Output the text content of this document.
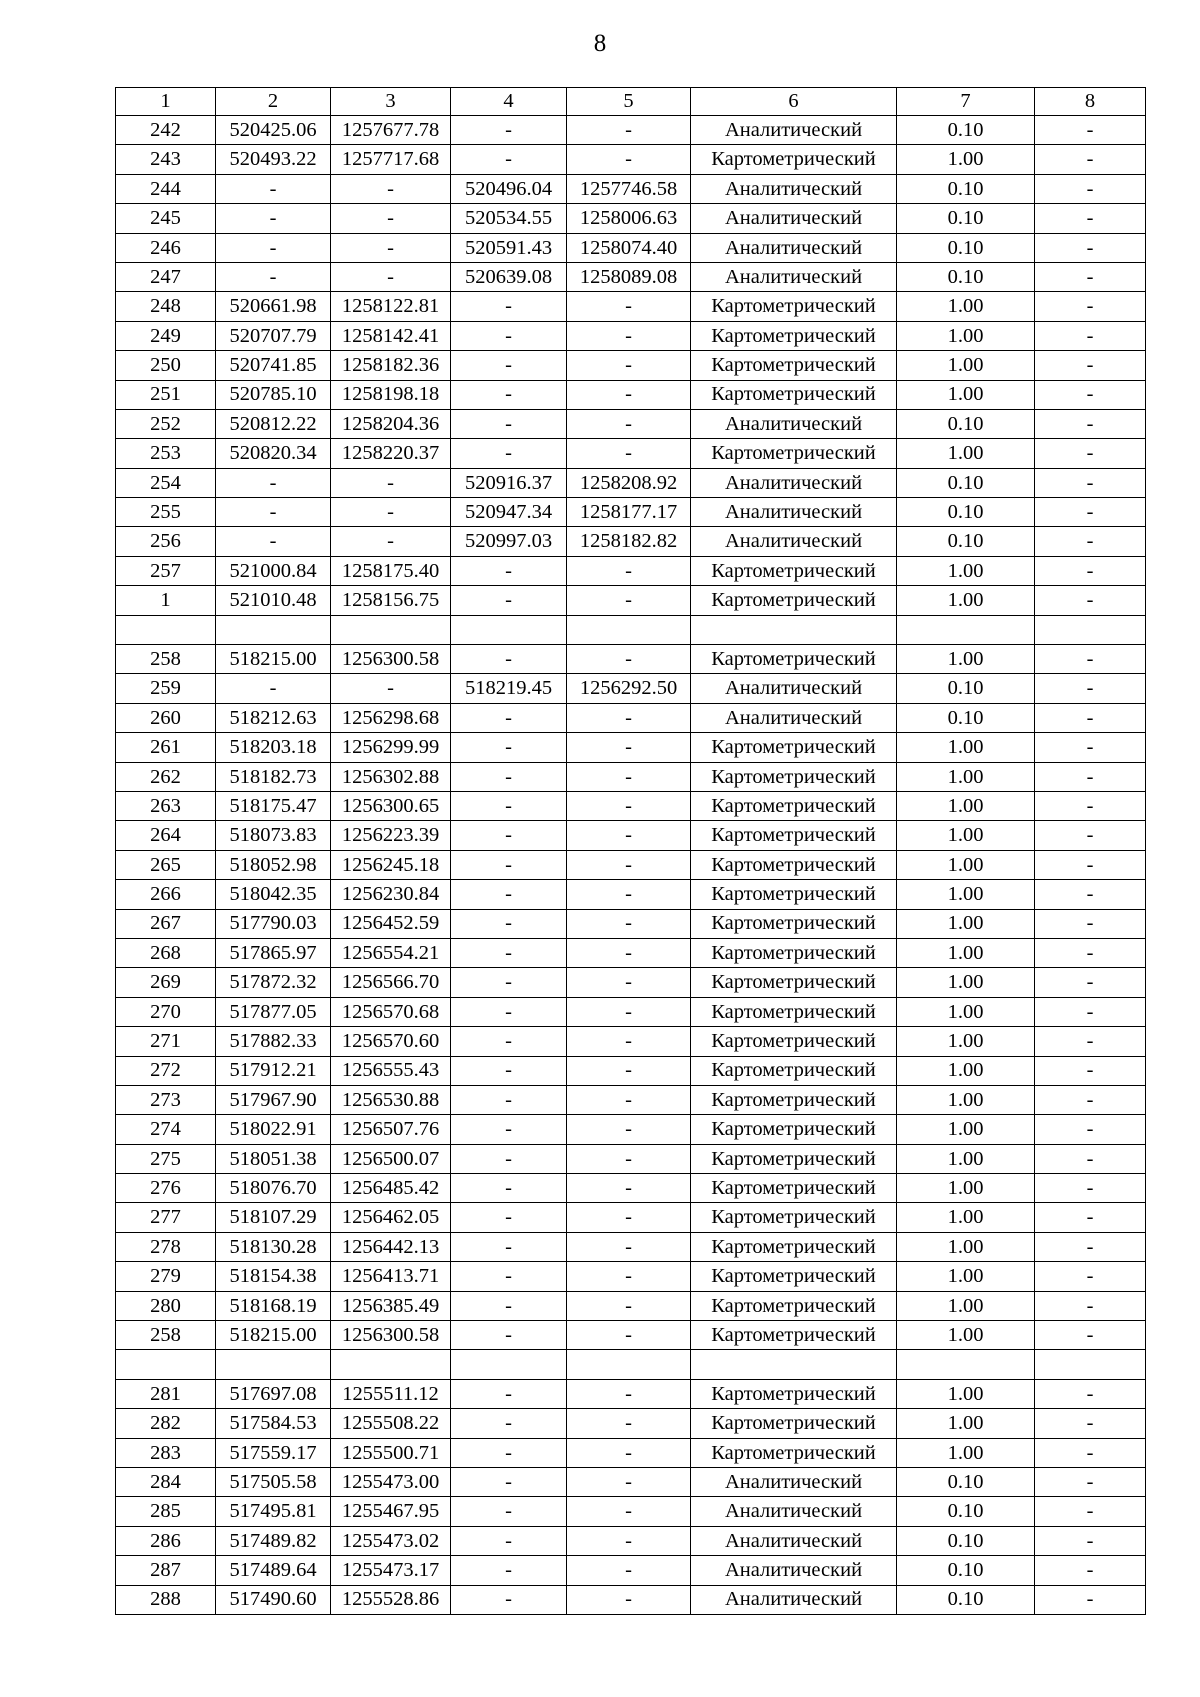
8
1	2	3	4	5	6	7	8
242	520425.06	1257677.78	-	-	Аналитический	0.10	-
243	520493.22	1257717.68	-	-	Картометрический	1.00	-
244	-	-	520496.04	1257746.58	Аналитический	0.10	-
245	-	-	520534.55	1258006.63	Аналитический	0.10	-
246	-	-	520591.43	1258074.40	Аналитический	0.10	-
247	-	-	520639.08	1258089.08	Аналитический	0.10	-
248	520661.98	1258122.81	-	-	Картометрический	1.00	-
249	520707.79	1258142.41	-	-	Картометрический	1.00	-
250	520741.85	1258182.36	-	-	Картометрический	1.00	-
251	520785.10	1258198.18	-	-	Картометрический	1.00	-
252	520812.22	1258204.36	-	-	Аналитический	0.10	-
253	520820.34	1258220.37	-	-	Картометрический	1.00	-
254	-	-	520916.37	1258208.92	Аналитический	0.10	-
255	-	-	520947.34	1258177.17	Аналитический	0.10	-
256	-	-	520997.03	1258182.82	Аналитический	0.10	-
257	521000.84	1258175.40	-	-	Картометрический	1.00	-
1	521010.48	1258156.75	-	-	Картометрический	1.00	-

258	518215.00	1256300.58	-	-	Картометрический	1.00	-
259	-	-	518219.45	1256292.50	Аналитический	0.10	-
260	518212.63	1256298.68	-	-	Аналитический	0.10	-
261	518203.18	1256299.99	-	-	Картометрический	1.00	-
262	518182.73	1256302.88	-	-	Картометрический	1.00	-
263	518175.47	1256300.65	-	-	Картометрический	1.00	-
264	518073.83	1256223.39	-	-	Картометрический	1.00	-
265	518052.98	1256245.18	-	-	Картометрический	1.00	-
266	518042.35	1256230.84	-	-	Картометрический	1.00	-
267	517790.03	1256452.59	-	-	Картометрический	1.00	-
268	517865.97	1256554.21	-	-	Картометрический	1.00	-
269	517872.32	1256566.70	-	-	Картометрический	1.00	-
270	517877.05	1256570.68	-	-	Картометрический	1.00	-
271	517882.33	1256570.60	-	-	Картометрический	1.00	-
272	517912.21	1256555.43	-	-	Картометрический	1.00	-
273	517967.90	1256530.88	-	-	Картометрический	1.00	-
274	518022.91	1256507.76	-	-	Картометрический	1.00	-
275	518051.38	1256500.07	-	-	Картометрический	1.00	-
276	518076.70	1256485.42	-	-	Картометрический	1.00	-
277	518107.29	1256462.05	-	-	Картометрический	1.00	-
278	518130.28	1256442.13	-	-	Картометрический	1.00	-
279	518154.38	1256413.71	-	-	Картометрический	1.00	-
280	518168.19	1256385.49	-	-	Картометрический	1.00	-
258	518215.00	1256300.58	-	-	Картометрический	1.00	-

281	517697.08	1255511.12	-	-	Картометрический	1.00	-
282	517584.53	1255508.22	-	-	Картометрический	1.00	-
283	517559.17	1255500.71	-	-	Картометрический	1.00	-
284	517505.58	1255473.00	-	-	Аналитический	0.10	-
285	517495.81	1255467.95	-	-	Аналитический	0.10	-
286	517489.82	1255473.02	-	-	Аналитический	0.10	-
287	517489.64	1255473.17	-	-	Аналитический	0.10	-
288	517490.60	1255528.86	-	-	Аналитический	0.10	-
